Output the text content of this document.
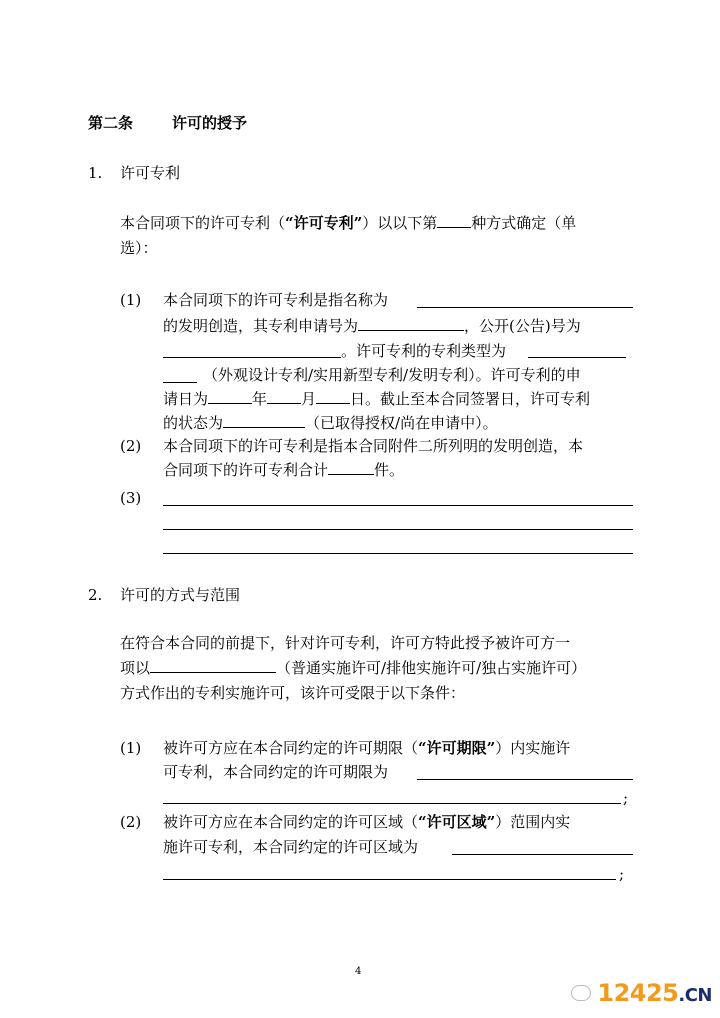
第二条	许可的授予
1. 许可专利
本合同项下的许可专利（“许可专利”）以以下第 种方式确定（单
选）：
(1) 本合同项下的许可专利是指名称为
的发明创造，其专利申请号为	，公开(公告)号为
。许可专利的专利类型为
（外观设计专利/实用新型专利/发明专利）。许可专利的申
请日为	年 月 日。截止至本合同签署日，许可专利
的状态为	（已取得授权/尚在申请中）。
(2) 本合同项下的许可专利是指本合同附件二所列明的发明创造，本
合同项下的许可专利合计	件。
(3)
2. 许可的方式与范围
在符合本合同的前提下，针对许可专利，许可方特此授予被许可方一
项以	（普通实施许可/排他实施许可/独占实施许可）
方式作出的专利实施许可，该许可受限于以下条件：
(1) 被许可方应在本合同约定的许可期限（“许可期限”）内实施许
可专利，本合同约定的许可期限为
;
(2) 被许可方应在本合同约定的许可区域（“许可区域”）范围内实
施许可专利，本合同约定的许可区域为
;
4
12425.CN
